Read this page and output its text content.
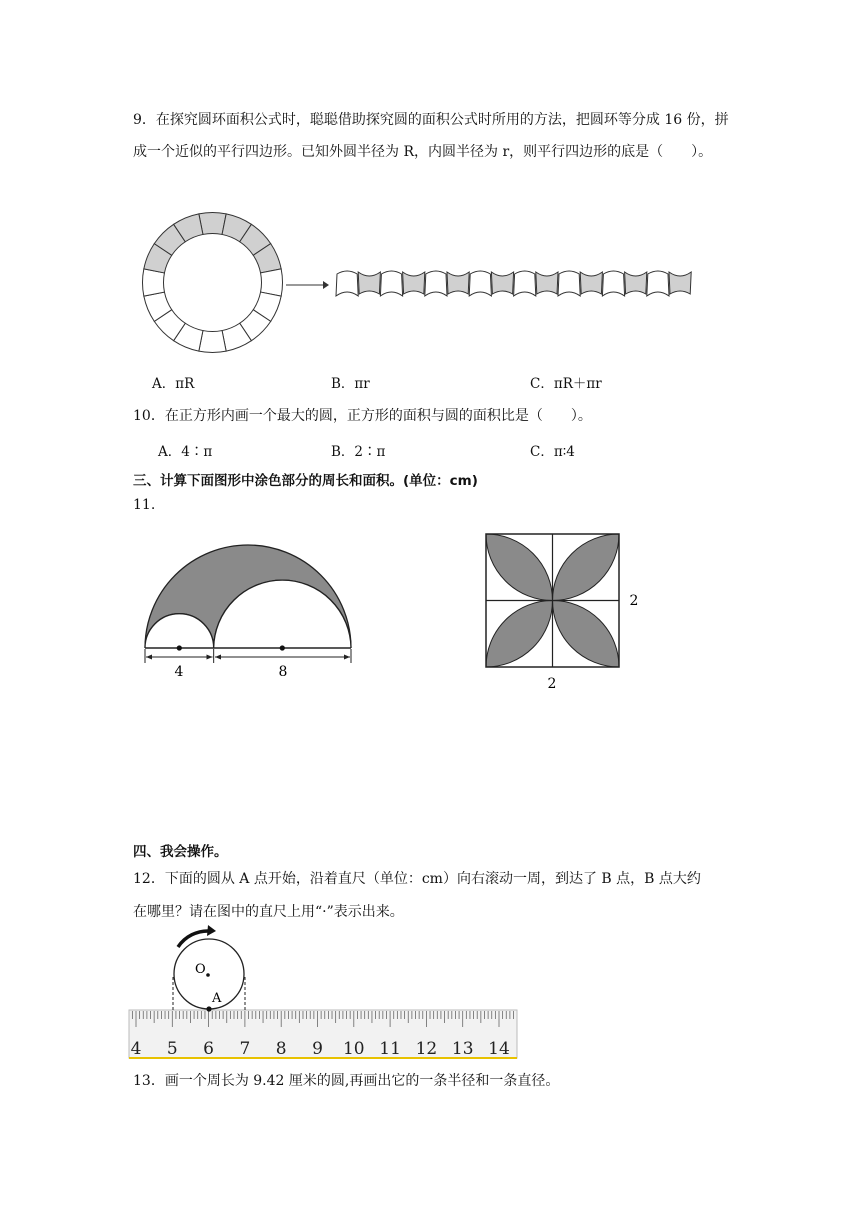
9．在探究圆环面积公式时，聪聪借助探究圆的面积公式时所用的方法，把圆环等分成 16 份，拼成一个近似的平行四边形。已知外圆半径为 R，内圆半径为 r，则平行四边形的底是（　　）。
A．πR	B．πr	C．πR＋πr
10．在正方形内画一个最大的圆，正方形的面积与圆的面积比是（　　）。
A．4∶π	B．2∶π	C．π∶4
三、计算下面图形中涂色部分的周长和面积。(单位：cm)
11.
4	8
2
2
四、我会操作。
12．下面的圆从 A 点开始，沿着直尺（单位：cm）向右滚动一周，到达了 B 点，B 点大约
在哪里？请在图中的直尺上用“·”表示出来。
4 5 6 7 8 9 10 11 12 13 14
O
A
13．画一个周长为 9.42 厘米的圆,再画出它的一条半径和一条直径。
